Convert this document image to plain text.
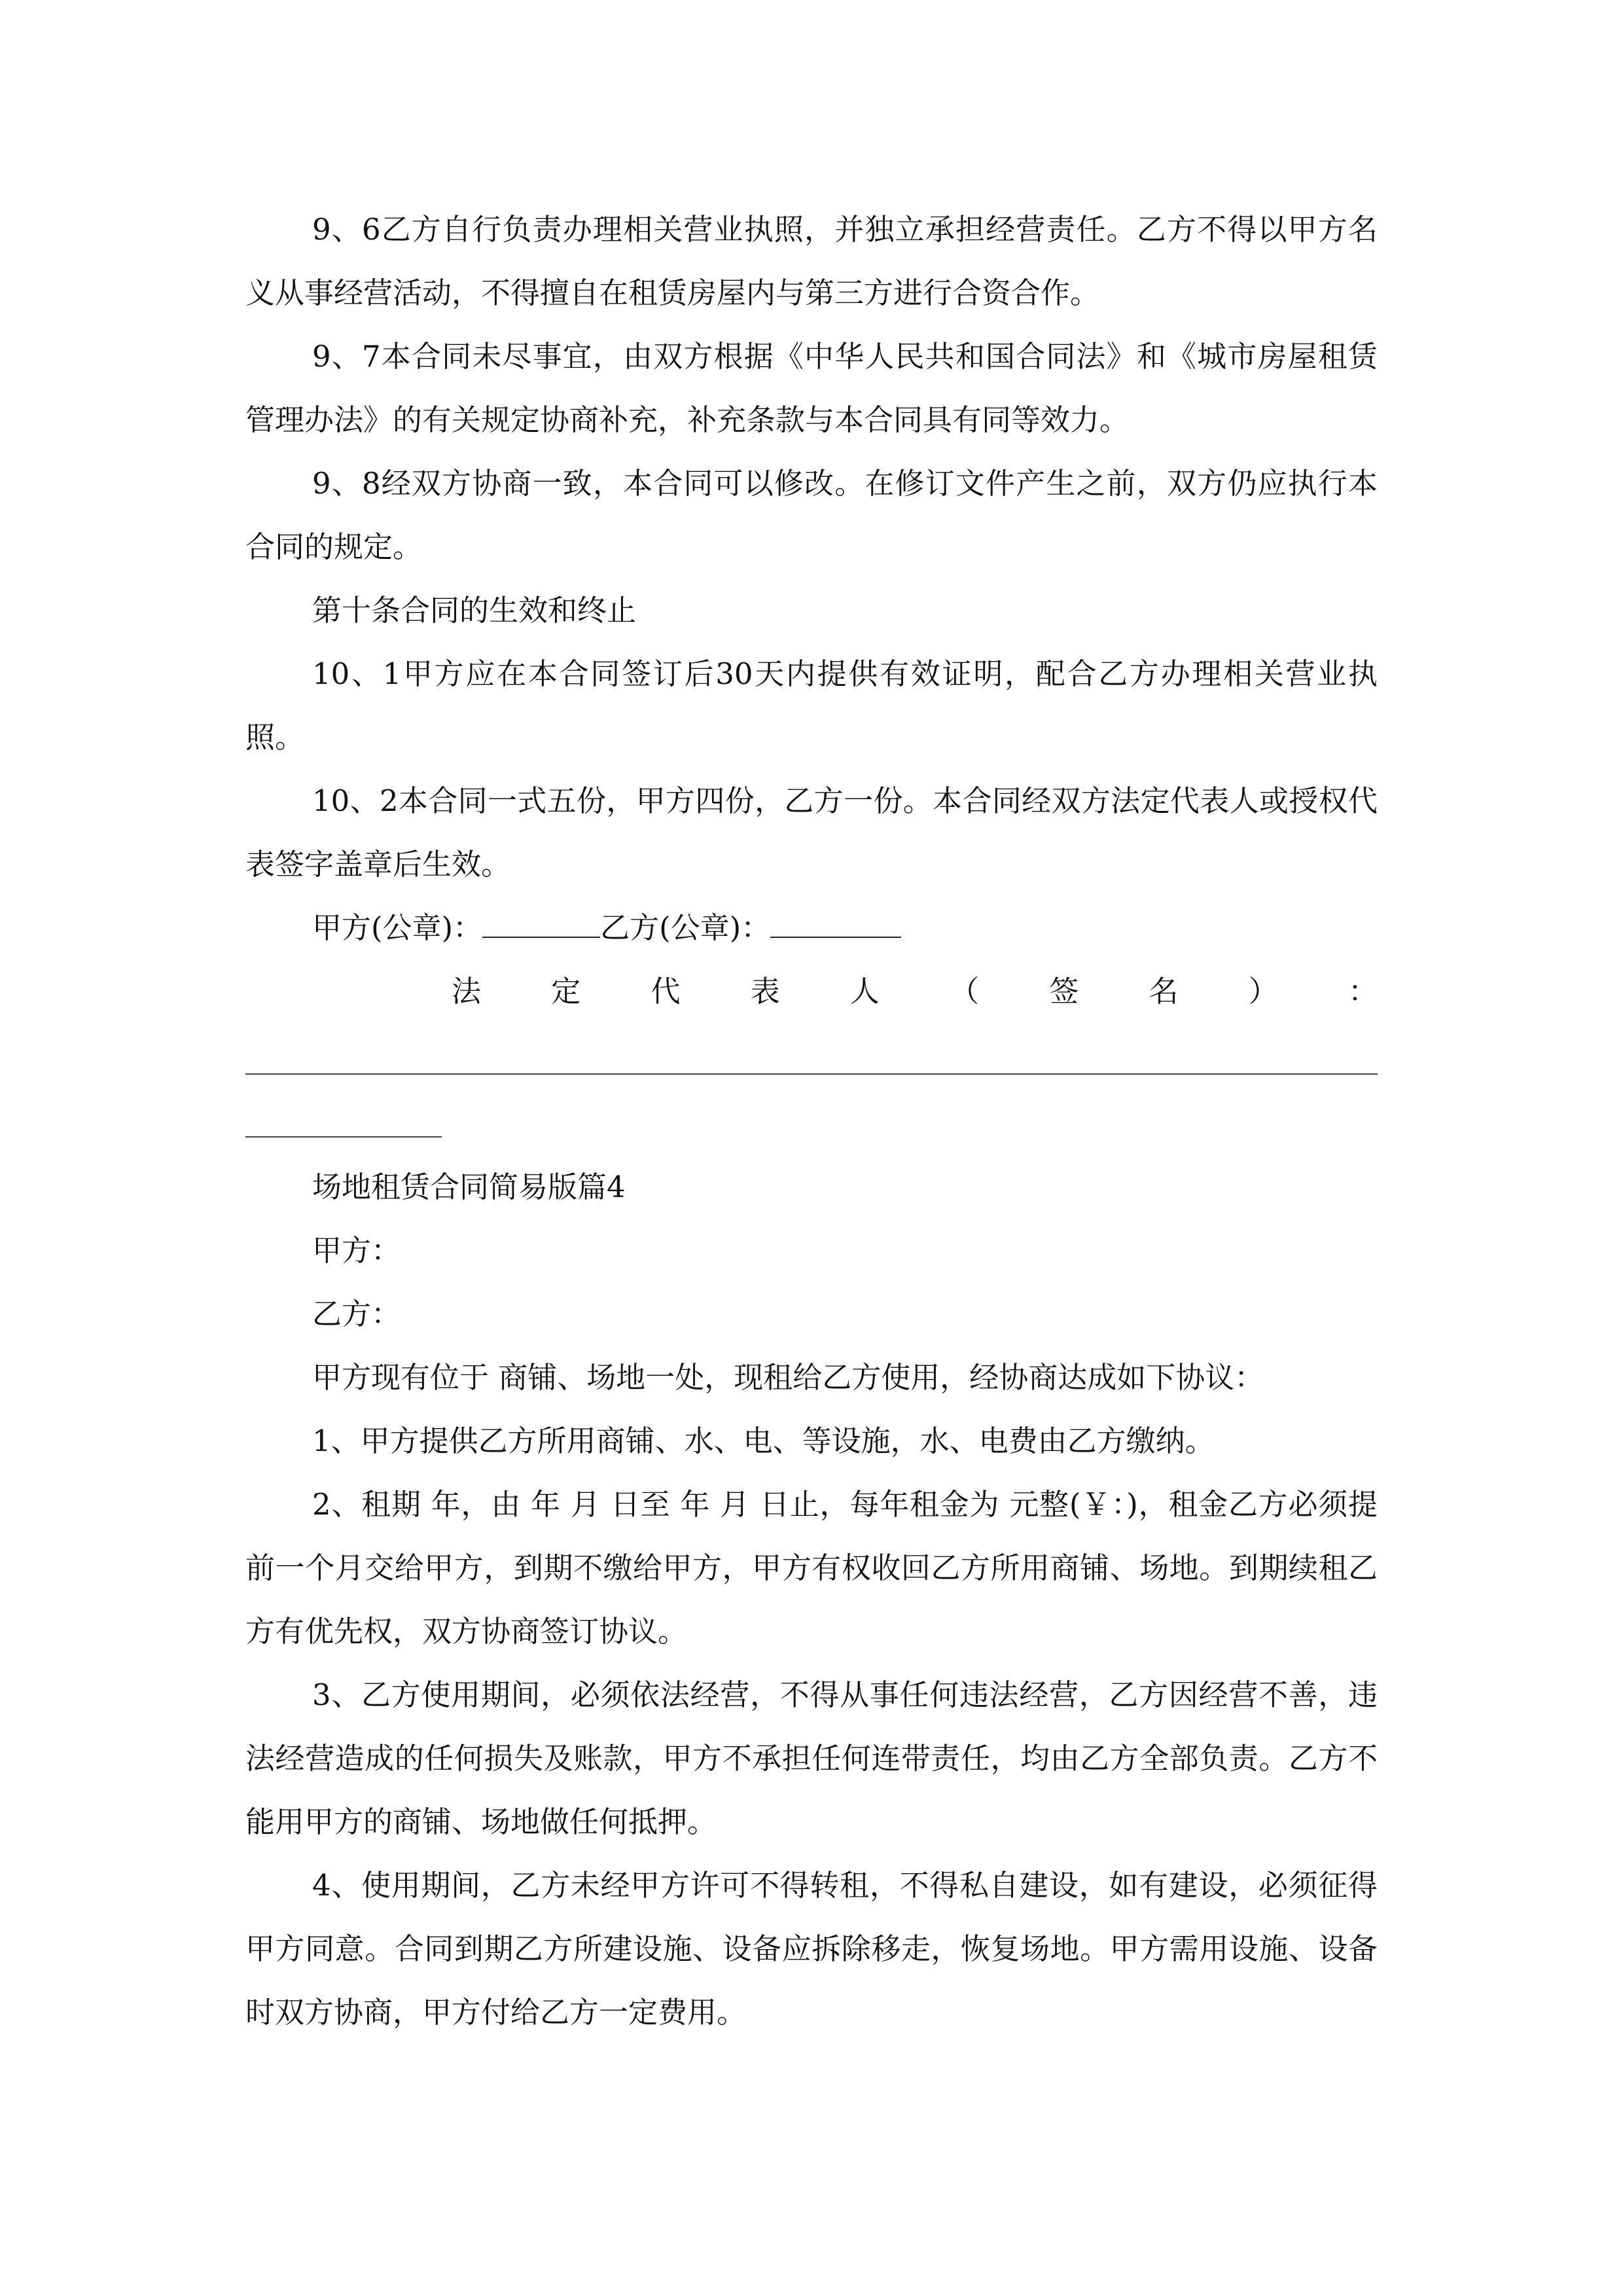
9、6乙方自行负责办理相关营业执照，并独立承担经营责任。乙方不得以甲方名义从事经营活动，不得擅自在租赁房屋内与第三方进行合资合作。

9、7本合同未尽事宜，由双方根据《中华人民共和国合同法》和《城市房屋租赁管理办法》的有关规定协商补充，补充条款与本合同具有同等效力。

9、8经双方协商一致，本合同可以修改。在修订文件产生之前，双方仍应执行本合同的规定。

第十条合同的生效和终止

10、1甲方应在本合同签订后30天内提供有效证明，配合乙方办理相关营业执照。

10、2本合同一式五份，甲方四份，乙方一份。本合同经双方法定代表人或授权代表签字盖章后生效。

甲方(公章)：	乙方(公章)：

法 定 代 表 人 （ 签 名 ） ：

场地租赁合同简易版篇4

甲方：

乙方：

甲方现有位于 商铺、场地一处，现租给乙方使用，经协商达成如下协议：

1、甲方提供乙方所用商铺、水、电、等设施，水、电费由乙方缴纳。

2、租期 年，由 年 月 日至 年 月 日止，每年租金为 元整(￥：)，租金乙方必须提前一个月交给甲方，到期不缴给甲方，甲方有权收回乙方所用商铺、场地。到期续租乙方有优先权，双方协商签订协议。

3、乙方使用期间，必须依法经营，不得从事任何违法经营，乙方因经营不善，违法经营造成的任何损失及账款，甲方不承担任何连带责任，均由乙方全部负责。乙方不能用甲方的商铺、场地做任何抵押。

4、使用期间，乙方未经甲方许可不得转租，不得私自建设，如有建设，必须征得甲方同意。合同到期乙方所建设施、设备应拆除移走，恢复场地。甲方需用设施、设备时双方协商，甲方付给乙方一定费用。
